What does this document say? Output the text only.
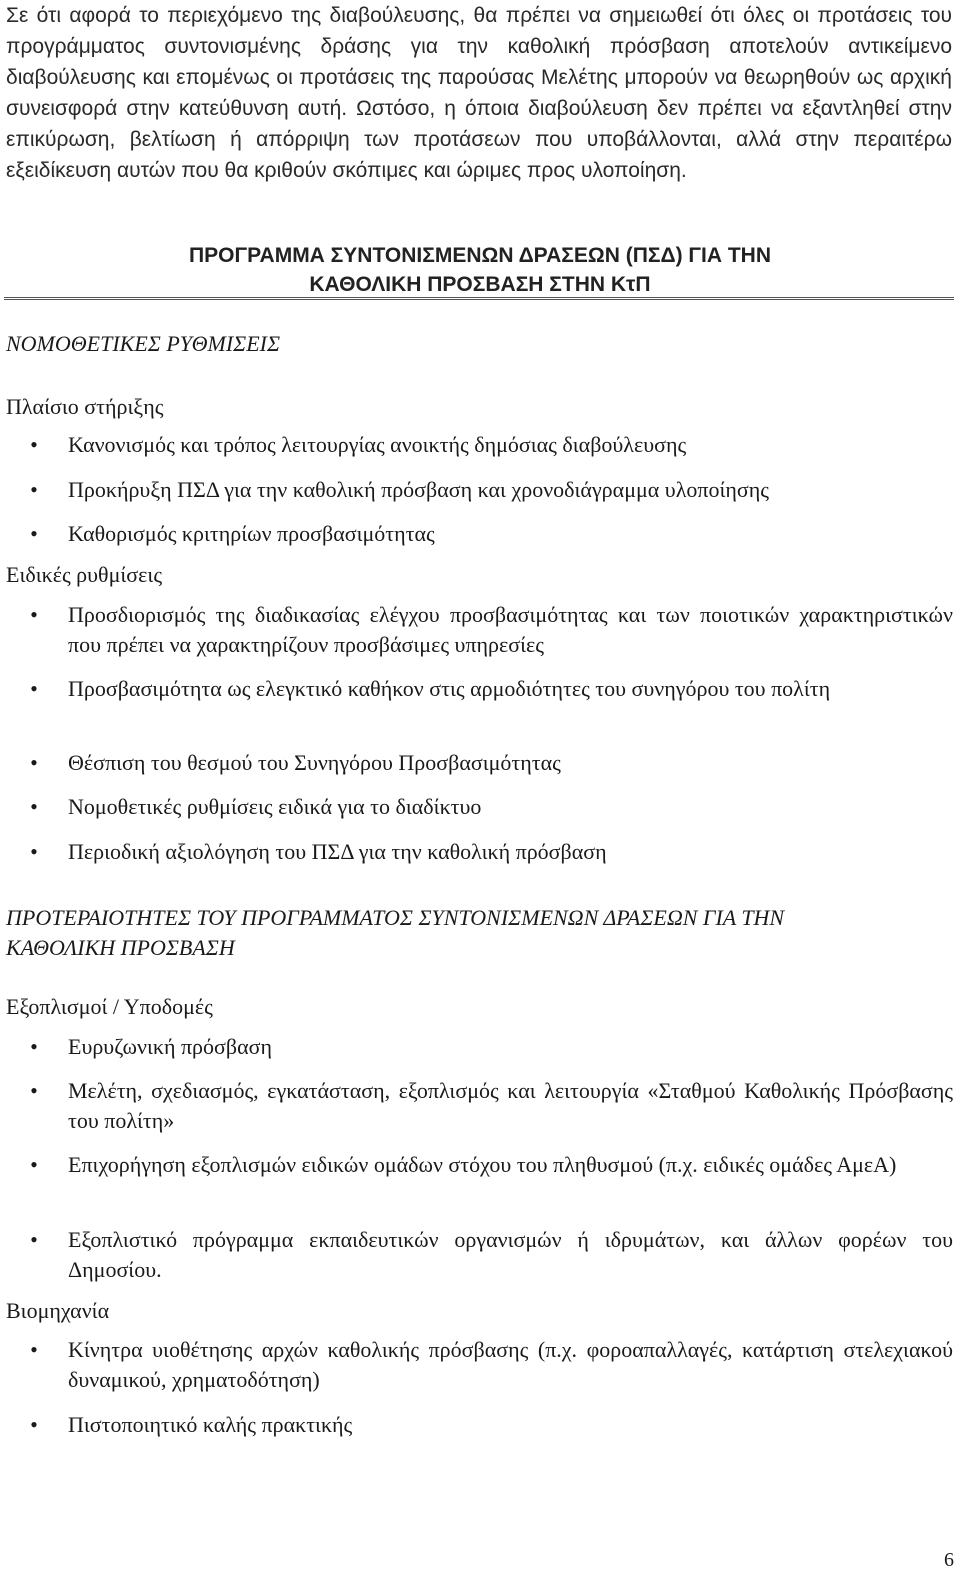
Σε ότι αφορά το περιεχόμενο της διαβούλευσης, θα πρέπει να σημειωθεί ότι όλες οι προτάσεις του προγράμματος συντονισμένης δράσης για την καθολική πρόσβαση αποτελούν αντικείμενο διαβούλευσης και επομένως οι προτάσεις της παρούσας Μελέτης μπορούν να θεωρηθούν ως αρχική συνεισφορά στην κατεύθυνση αυτή. Ωστόσο, η όποια διαβούλευση δεν πρέπει να εξαντληθεί στην επικύρωση, βελτίωση ή απόρριψη των προτάσεων που υποβάλλονται, αλλά στην περαιτέρω εξειδίκευση αυτών που θα κριθούν σκόπιμες και ώριμες προς υλοποίηση.
ΠΡΟΓΡΑΜΜΑ ΣΥΝΤΟΝΙΣΜΕΝΩΝ ΔΡΑΣΕΩΝ (ΠΣΔ) ΓΙΑ ΤΗΝ
ΚΑΘΟΛΙΚΗ ΠΡΟΣΒΑΣΗ ΣΤΗΝ ΚτΠ
ΝΟΜΟΘΕΤΙΚΕΣ ΡΥΘΜΙΣΕΙΣ
Πλαίσιο στήριξης
• Κανονισμός και τρόπος λειτουργίας ανοικτής δημόσιας διαβούλευσης
• Προκήρυξη ΠΣΔ για την καθολική πρόσβαση και χρονοδιάγραμμα υλοποίησης
• Καθορισμός κριτηρίων προσβασιμότητας
Ειδικές ρυθμίσεις
• Προσδιορισμός της διαδικασίας ελέγχου προσβασιμότητας και των ποιοτικών χαρακτηριστικών που πρέπει να χαρακτηρίζουν προσβάσιμες υπηρεσίες
• Προσβασιμότητα ως ελεγκτικό καθήκον στις αρμοδιότητες του συνηγόρου του πολίτη
• Θέσπιση του θεσμού του Συνηγόρου Προσβασιμότητας
• Νομοθετικές ρυθμίσεις ειδικά για το διαδίκτυο
• Περιοδική αξιολόγηση του ΠΣΔ για την καθολική πρόσβαση
ΠΡΟΤΕΡΑΙΟΤΗΤΕΣ ΤΟΥ ΠΡΟΓΡΑΜΜΑΤΟΣ ΣΥΝΤΟΝΙΣΜΕΝΩΝ ΔΡΑΣΕΩΝ ΓΙΑ ΤΗΝ
ΚΑΘΟΛΙΚΗ ΠΡΟΣΒΑΣΗ
Εξοπλισμοί / Υποδομές
• Ευρυζωνική πρόσβαση
• Μελέτη, σχεδιασμός, εγκατάσταση, εξοπλισμός και λειτουργία «Σταθμού Καθολικής Πρόσβασης του πολίτη»
• Επιχορήγηση εξοπλισμών ειδικών ομάδων στόχου του πληθυσμού (π.χ. ειδικές ομάδες ΑμεΑ)
• Εξοπλιστικό πρόγραμμα εκπαιδευτικών οργανισμών ή ιδρυμάτων, και άλλων φορέων του Δημοσίου.
Βιομηχανία
• Κίνητρα υιοθέτησης αρχών καθολικής πρόσβασης (π.χ. φοροαπαλλαγές, κατάρτιση στελεχιακού δυναμικού, χρηματοδότηση)
• Πιστοποιητικό καλής πρακτικής
6
